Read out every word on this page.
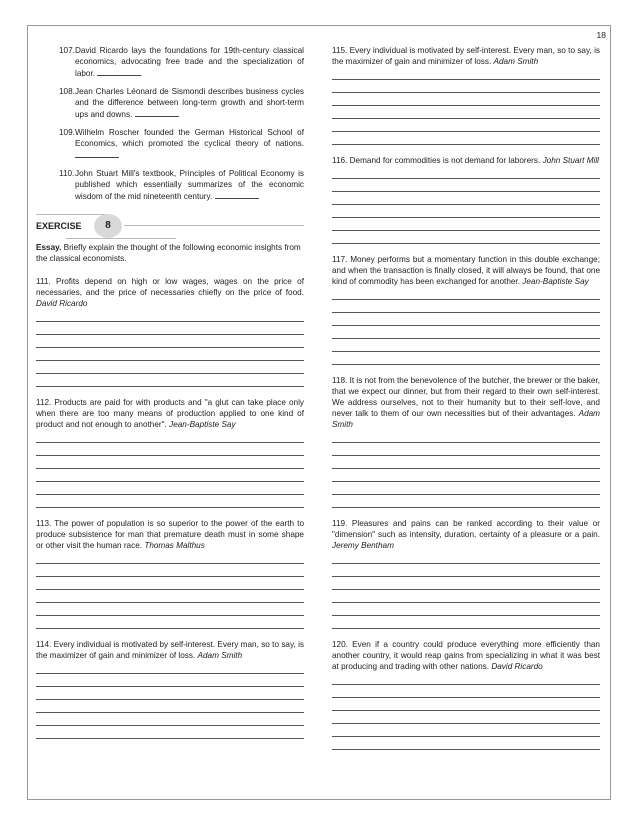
18
107. David Ricardo lays the foundations for 19th-century classical economics, advocating free trade and the specialization of labor.
108. Jean Charles Léonard de Sismondi describes business cycles and the difference between long-term growth and short-term ups and downs.
109. Wilhelm Roscher founded the German Historical School of Economics, which promoted the cyclical theory of nations.
110. John Stuart Mill's textbook, Principles of Political Economy is published which essentially summarizes of the economic wisdom of the mid nineteenth century.
EXERCISE	8
Essay. Briefly explain the thought of the following economic insights from the classical economists.
111. Profits depend on high or low wages, wages on the price of necessaries, and the price of necessaries chiefly on the price of food. David Ricardo
112. Products are paid for with products and "a glut can take place only when there are too many means of production applied to one kind of product and not enough to another". Jean-Baptiste Say
113. The power of population is so superior to the power of the earth to produce subsistence for man that premature death must in some shape or other visit the human race. Thomas Malthus
114. Every individual is motivated by self-interest. Every man, so to say, is the maximizer of gain and minimizer of loss. Adam Smith
115. Every individual is motivated by self-interest. Every man, so to say, is the maximizer of gain and minimizer of loss. Adam Smith
116. Demand for commodities is not demand for laborers. John Stuart Mill
117. Money performs but a momentary function in this double exchange; and when the transaction is finally closed, it will always be found, that one kind of commodity has been exchanged for another. Jean-Baptiste Say
118. It is not from the benevolence of the butcher, the brewer or the baker, that we expect our dinner, but from their regard to their own self-interest. We address ourselves, not to their humanity but to their self-love, and never talk to them of our own necessities but of their advantages. Adam Smith
119. Pleasures and pains can be ranked according to their value or "dimension" such as intensity, duration, certainty of a pleasure or a pain. Jeremy Bentham
120. Even if a country could produce everything more efficiently than another country, it would reap gains from specializing in what it was best at producing and trading with other nations. David Ricardo
